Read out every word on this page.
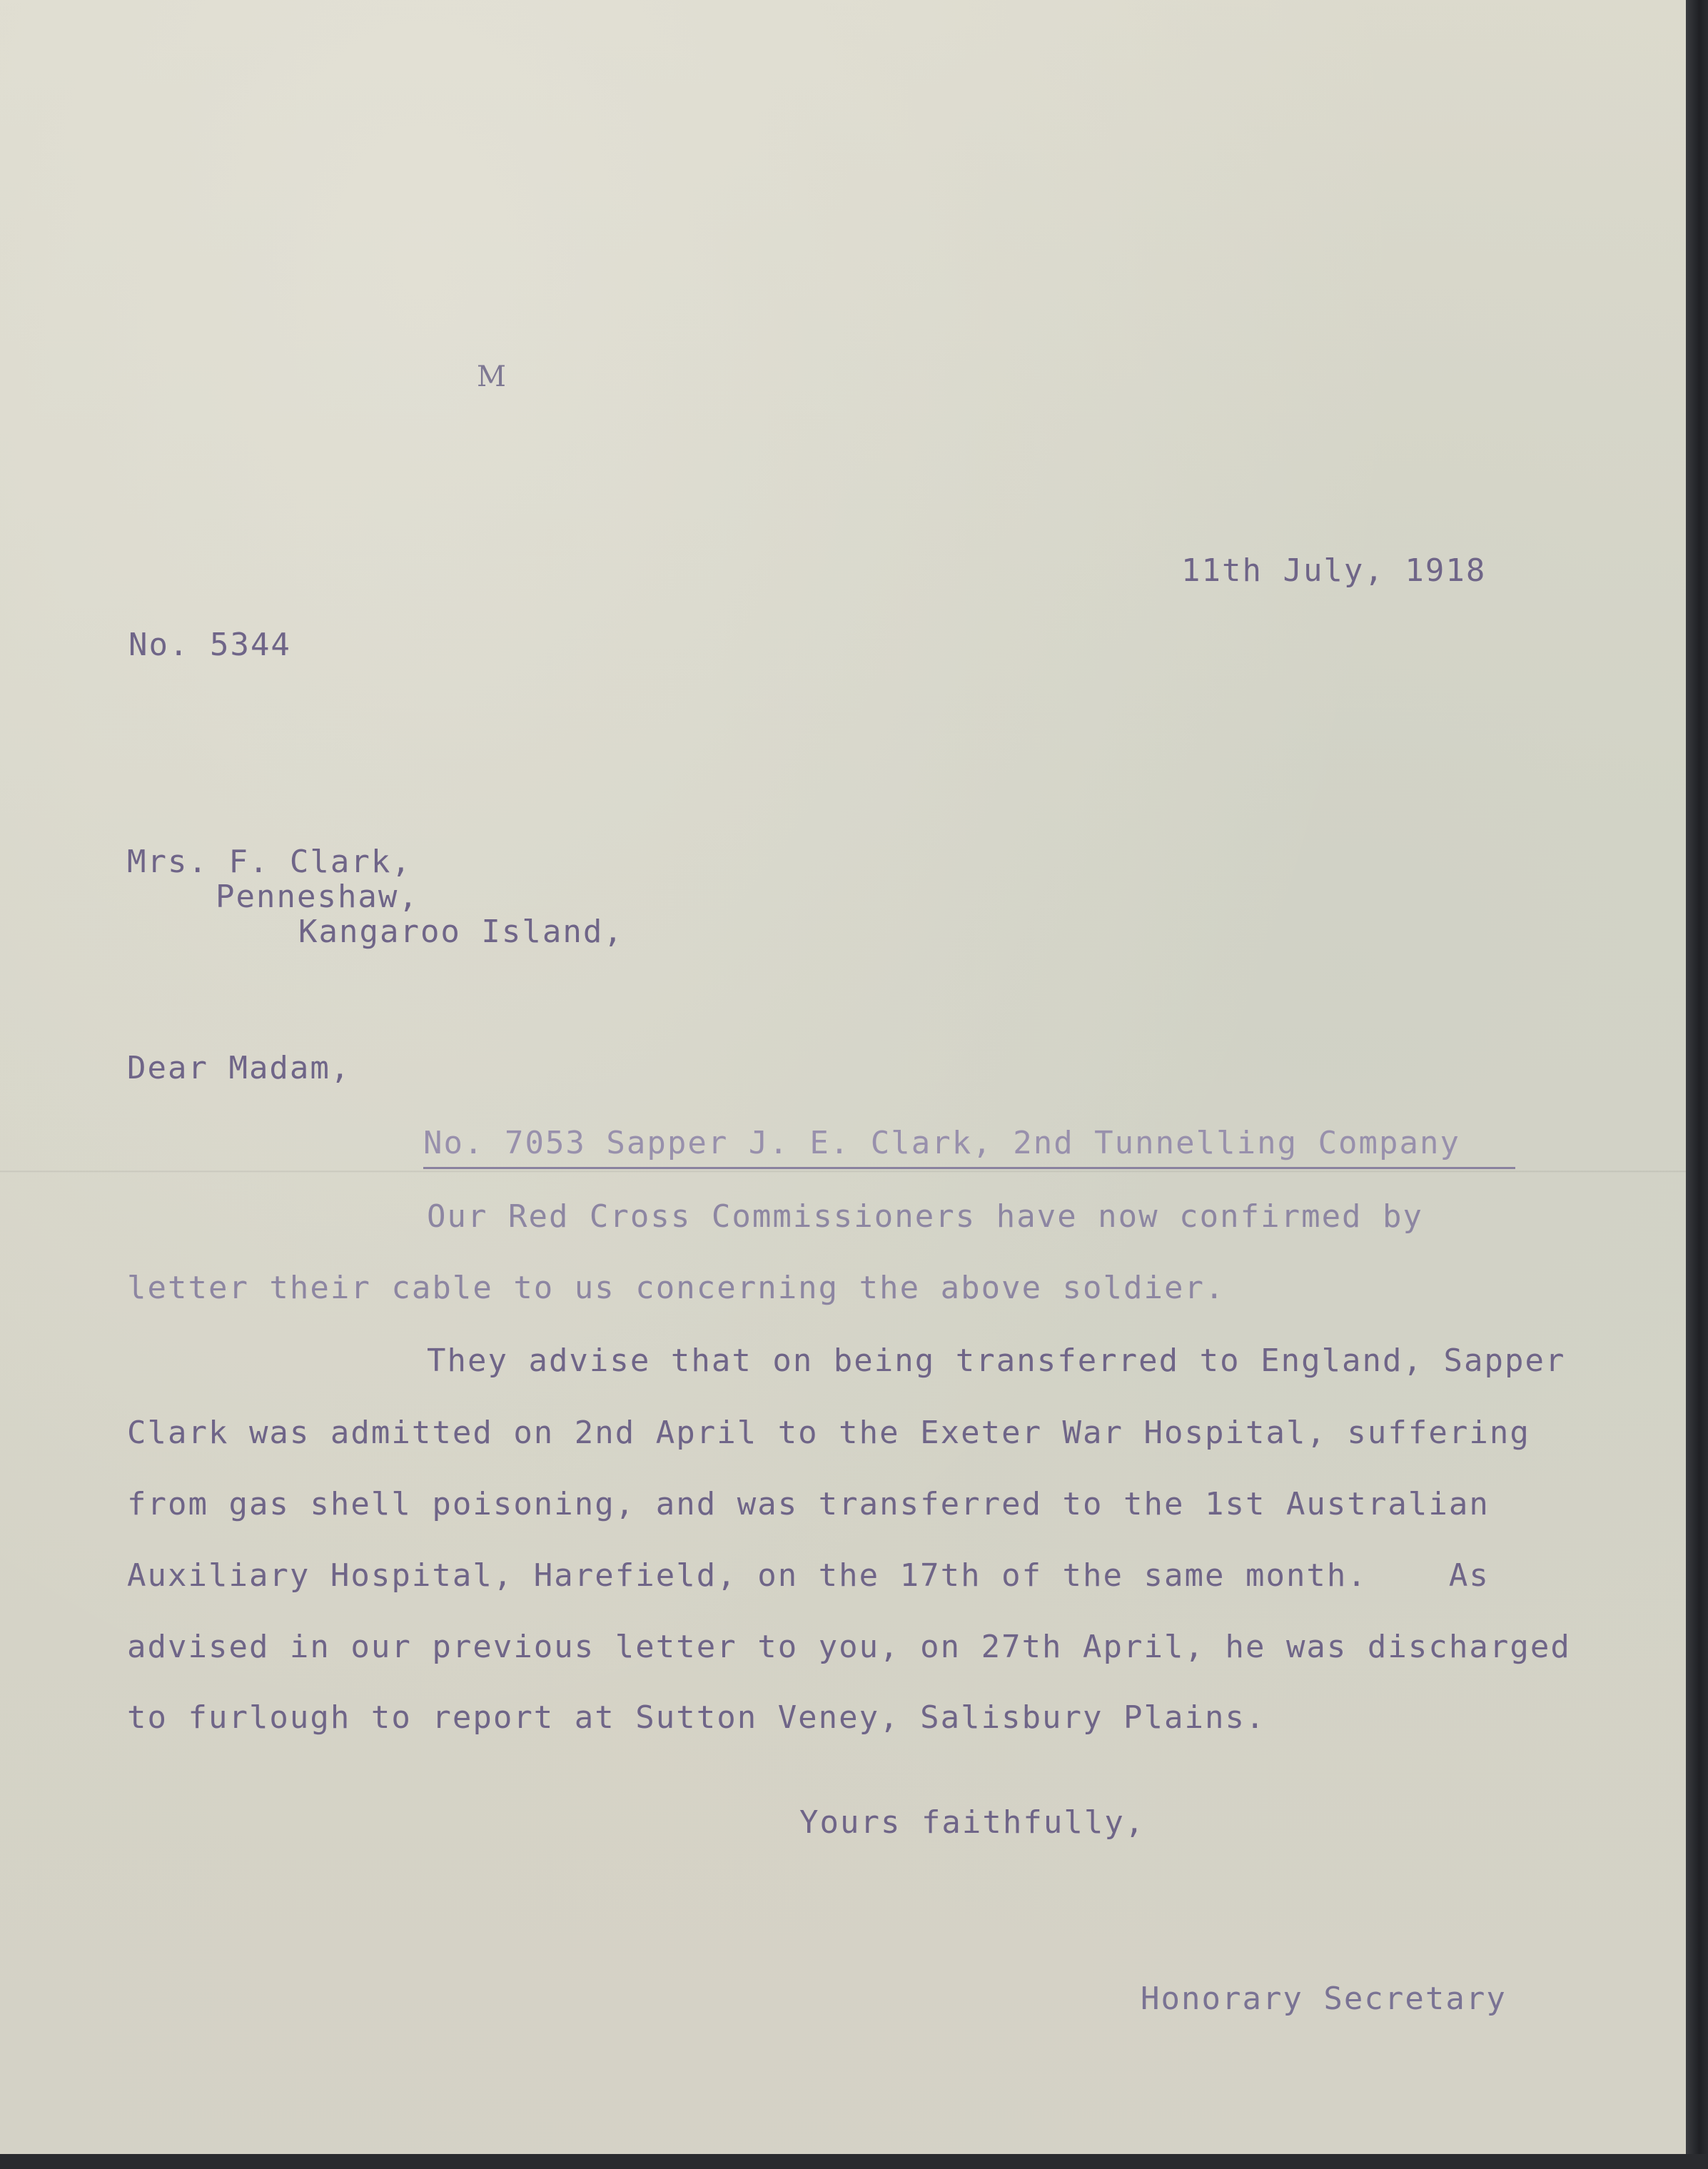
M
11th July, 1918
No. 5344
Mrs. F. Clark,
Penneshaw,
Kangaroo Island,
Dear Madam,
No. 7053 Sapper J. E. Clark, 2nd Tunnelling Company
Our Red Cross Commissioners have now confirmed by
letter their cable to us concerning the above soldier.
They advise that on being transferred to England, Sapper
Clark was admitted on 2nd April to the Exeter War Hospital, suffering
from gas shell poisoning, and was transferred to the 1st Australian
Auxiliary Hospital, Harefield, on the 17th of the same month.    As
advised in our previous letter to you, on 27th April, he was discharged
to furlough to report at Sutton Veney, Salisbury Plains.
Yours faithfully,
Honorary Secretary
